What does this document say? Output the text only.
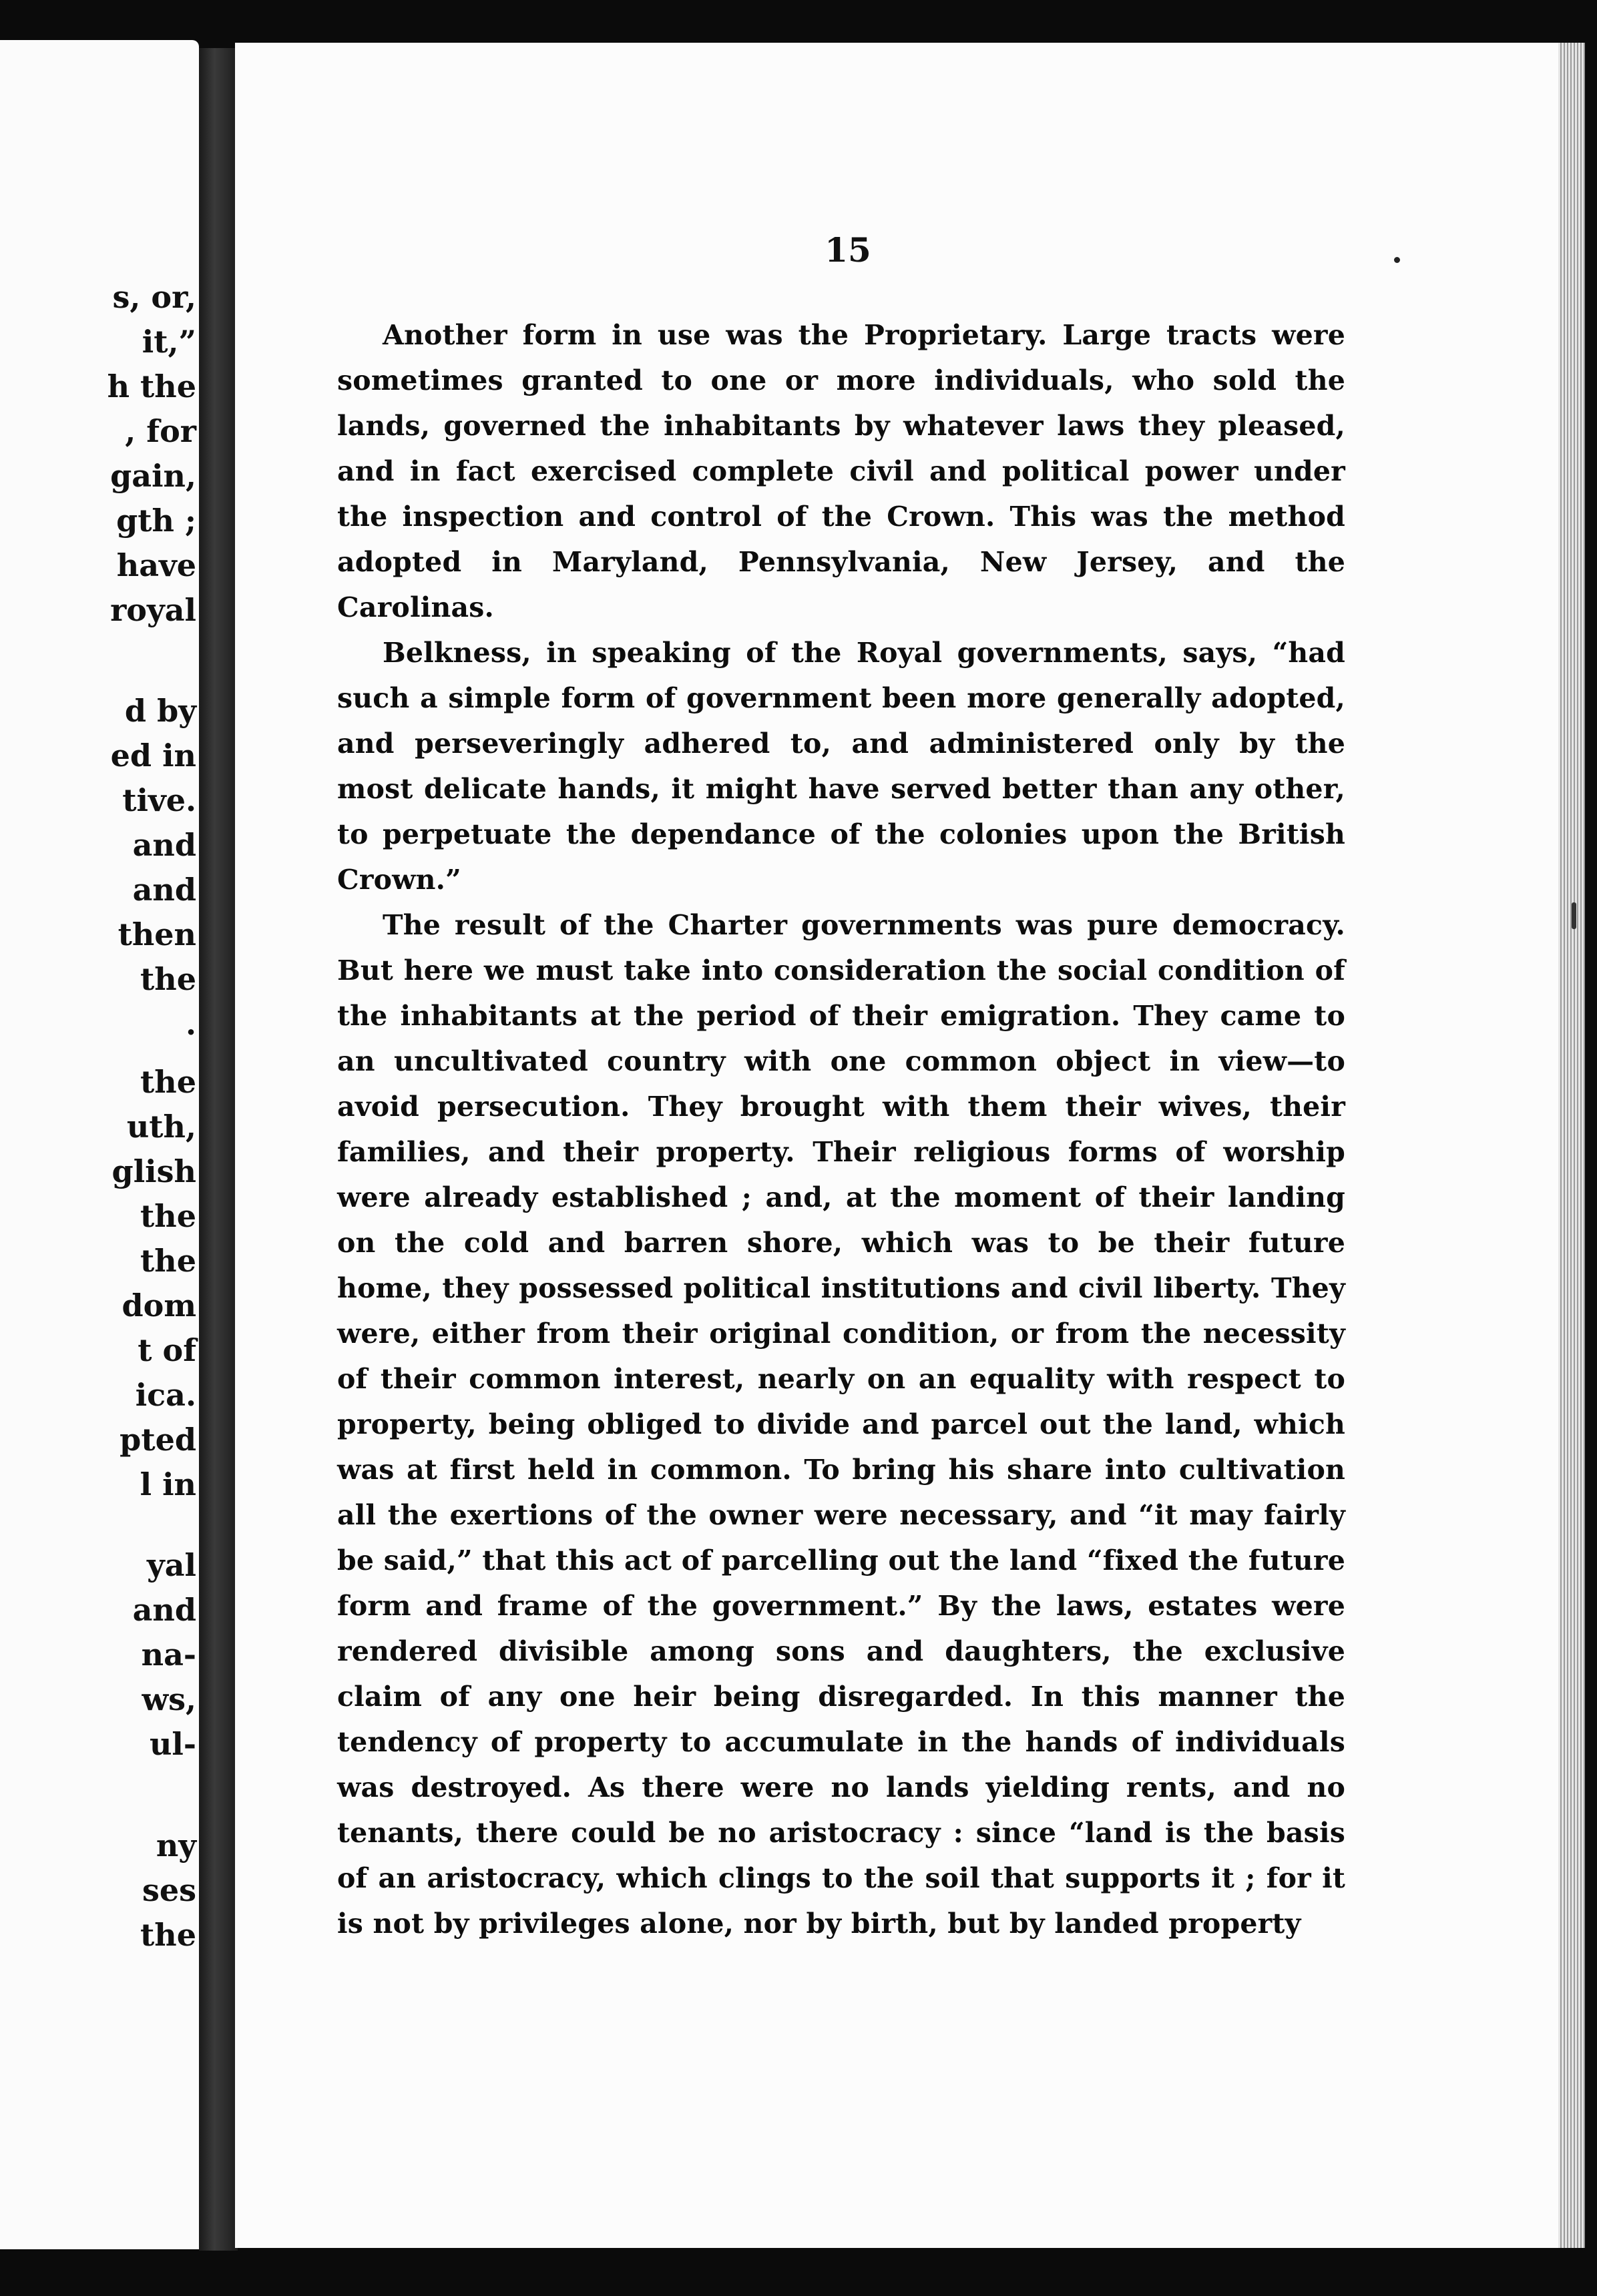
s, or,
it,”
h the
, for
gain,
gth ;
have
royal
d by
ed in
tive.
and
and
then
the
.
the
uth,
glish
the
the
dom
t of
ica.
pted
l in
yal
and
na-
ws,
ul-
ny
ses
the
15

Another form in use was the Proprietary. Large tracts were sometimes granted to one or more individuals, who sold the lands, governed the inhabitants by whatever laws they pleased, and in fact exercised complete civil and political power under the inspection and control of the Crown. This was the method adopted in Maryland, Pennsylvania, New Jersey, and the Carolinas.

Belkness, in speaking of the Royal governments, says, “had such a simple form of government been more generally adopted, and perseveringly adhered to, and administered only by the most delicate hands, it might have served better than any other, to perpetuate the dependance of the colonies upon the British Crown.”

The result of the Charter governments was pure democracy. But here we must take into consideration the social condition of the inhabitants at the period of their emigration. They came to an uncultivated country with one common object in view—to avoid persecution. They brought with them their wives, their families, and their property. Their religious forms of worship were already established ; and, at the moment of their landing on the cold and barren shore, which was to be their future home, they possessed political institutions and civil liberty. They were, either from their original condition, or from the necessity of their common interest, nearly on an equality with respect to property, being obliged to divide and parcel out the land, which was at first held in common. To bring his share into cultivation all the exertions of the owner were necessary, and “it may fairly be said,” that this act of parcelling out the land “fixed the future form and frame of the government.” By the laws, estates were rendered divisible among sons and daughters, the exclusive claim of any one heir being disregarded. In this manner the tendency of property to accumulate in the hands of individuals was destroyed. As there were no lands yielding rents, and no tenants, there could be no aristocracy : since “land is the basis of an aristocracy, which clings to the soil that supports it ; for it is not by privileges alone, nor by birth, but by landed property
